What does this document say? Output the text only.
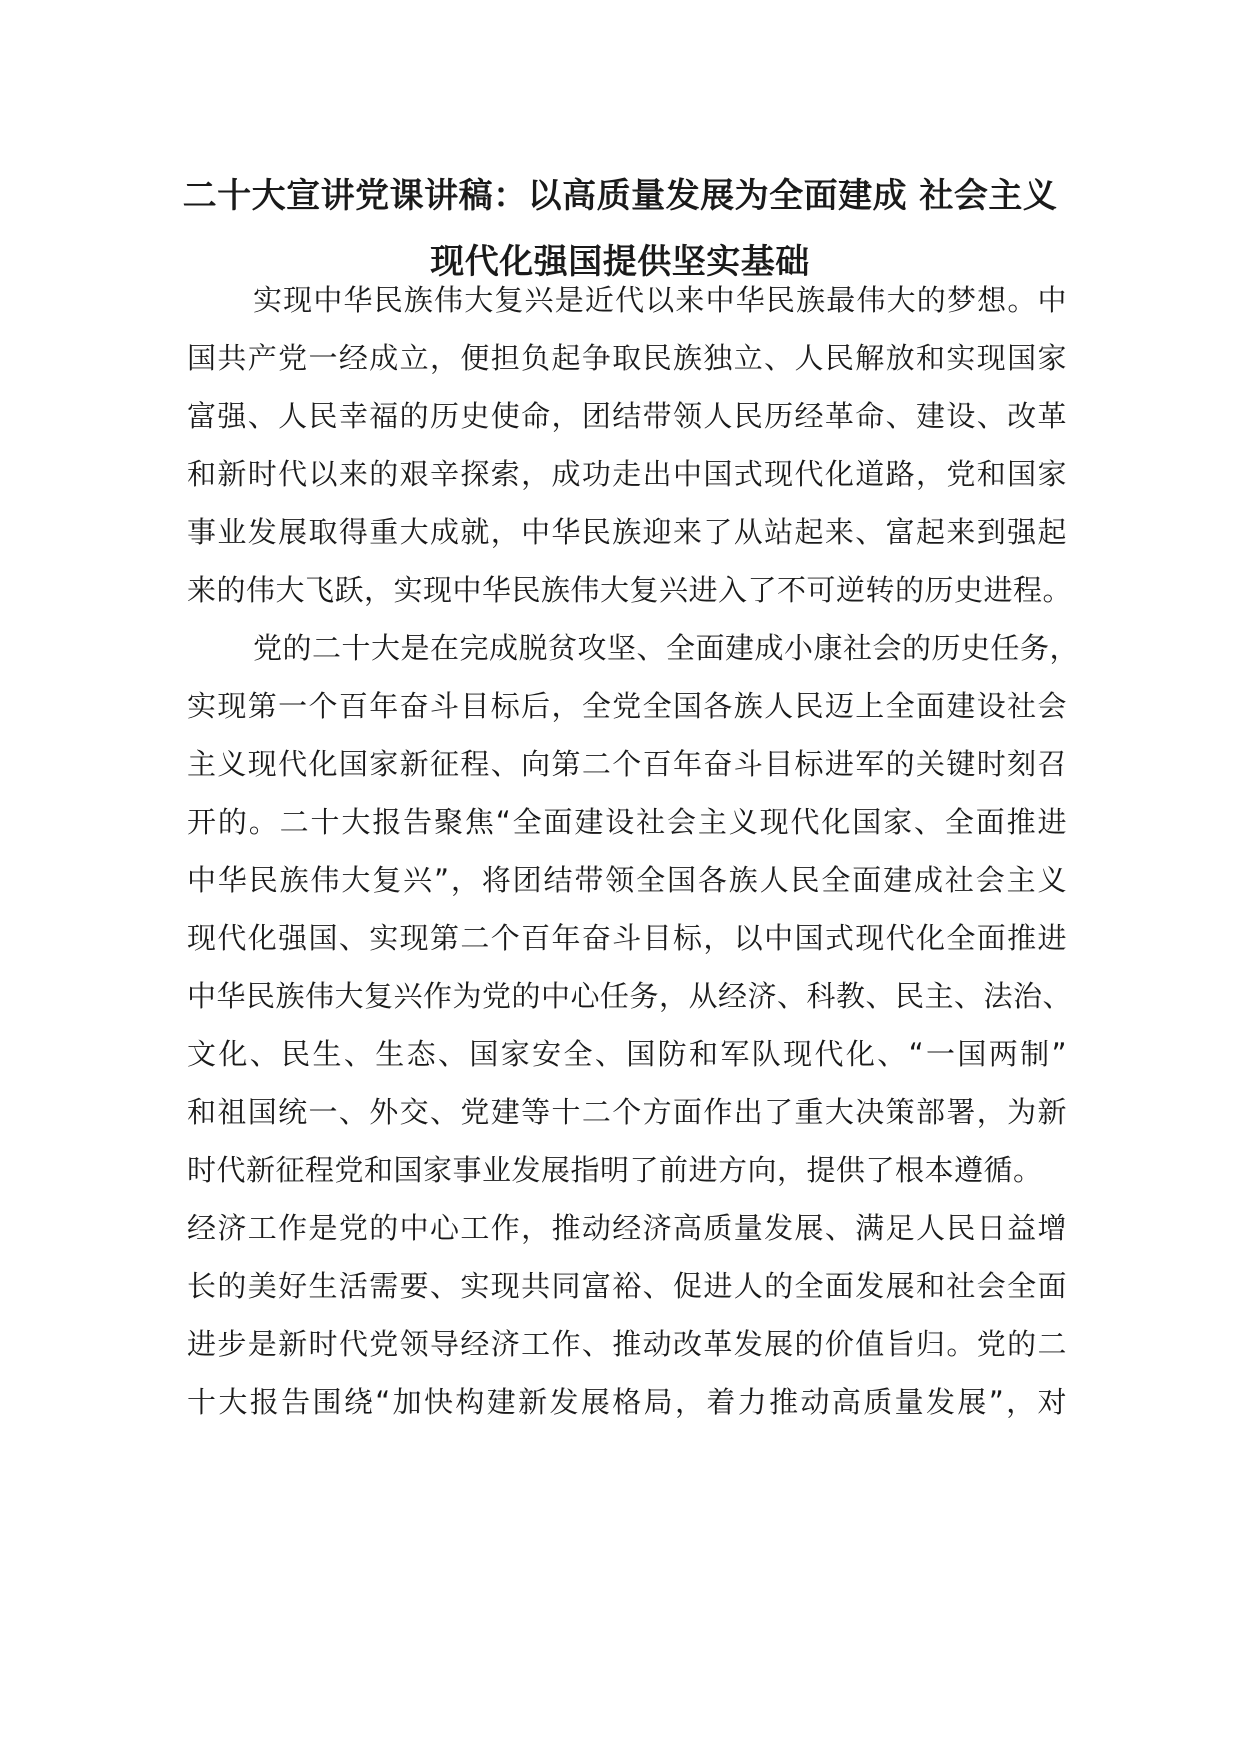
二十大宣讲党课讲稿：以高质量发展为全面建成 社会主义
现代化强国提供坚实基础
实现中华民族伟大复兴是近代以来中华民族最伟大的梦想。中
国共产党一经成立，便担负起争取民族独立、人民解放和实现国家
富强、人民幸福的历史使命，团结带领人民历经革命、建设、改革
和新时代以来的艰辛探索，成功走出中国式现代化道路，党和国家
事业发展取得重大成就，中华民族迎来了从站起来、富起来到强起
来的伟大飞跃，实现中华民族伟大复兴进入了不可逆转的历史进程。
党的二十大是在完成脱贫攻坚、全面建成小康社会的历史任务，
实现第一个百年奋斗目标后，全党全国各族人民迈上全面建设社会
主义现代化国家新征程、向第二个百年奋斗目标进军的关键时刻召
开的。二十大报告聚焦“全面建设社会主义现代化国家、全面推进
中华民族伟大复兴”，将团结带领全国各族人民全面建成社会主义
现代化强国、实现第二个百年奋斗目标，以中国式现代化全面推进
中华民族伟大复兴作为党的中心任务，从经济、科教、民主、法治、
文化、民生、生态、国家安全、国防和军队现代化、“一国两制”
和祖国统一、外交、党建等十二个方面作出了重大决策部署，为新
时代新征程党和国家事业发展指明了前进方向，提供了根本遵循。
经济工作是党的中心工作，推动经济高质量发展、满足人民日益增
长的美好生活需要、实现共同富裕、促进人的全面发展和社会全面
进步是新时代党领导经济工作、推动改革发展的价值旨归。党的二
十大报告围绕“加快构建新发展格局，着力推动高质量发展”，对
